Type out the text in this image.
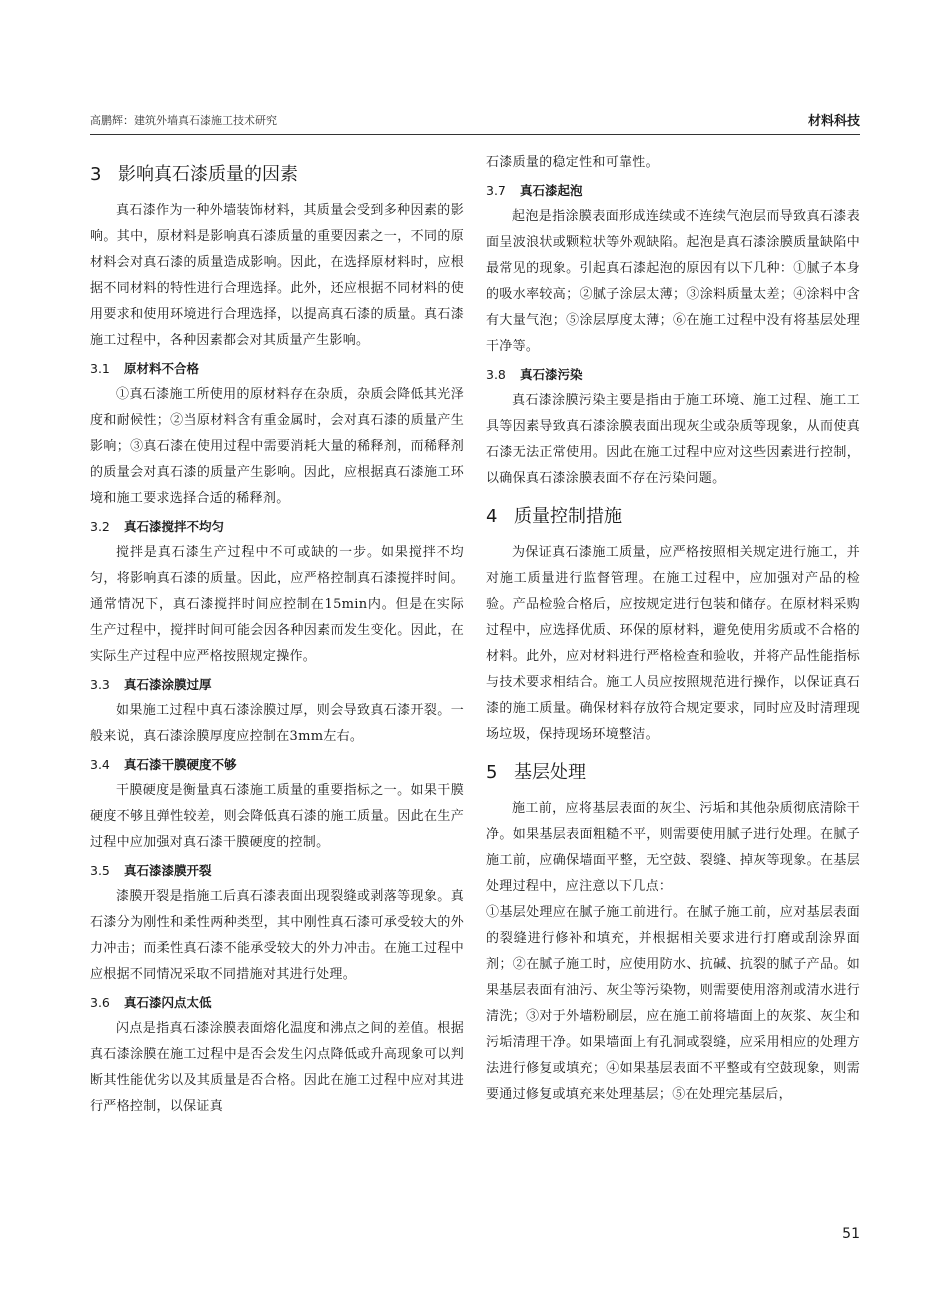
高鹏辉：建筑外墙真石漆施工技术研究	材料科技
3 影响真石漆质量的因素

真石漆作为一种外墙装饰材料，其质量会受到多种因素的影响。其中，原材料是影响真石漆质量的重要因素之一，不同的原材料会对真石漆的质量造成影响。因此，在选择原材料时，应根据不同材料的特性进行合理选择。此外，还应根据不同材料的使用要求和使用环境进行合理选择，以提高真石漆的质量。真石漆施工过程中，各种因素都会对其质量产生影响。

3.1 原材料不合格

①真石漆施工所使用的原材料存在杂质，杂质会降低其光泽度和耐候性；②当原材料含有重金属时，会对真石漆的质量产生影响；③真石漆在使用过程中需要消耗大量的稀释剂，而稀释剂的质量会对真石漆的质量产生影响。因此，应根据真石漆施工环境和施工要求选择合适的稀释剂。

3.2 真石漆搅拌不均匀

搅拌是真石漆生产过程中不可或缺的一步。如果搅拌不均匀，将影响真石漆的质量。因此，应严格控制真石漆搅拌时间。通常情况下，真石漆搅拌时间应控制在15min内。但是在实际生产过程中，搅拌时间可能会因各种因素而发生变化。因此，在实际生产过程中应严格按照规定操作。

3.3 真石漆涂膜过厚

如果施工过程中真石漆涂膜过厚，则会导致真石漆开裂。一般来说，真石漆涂膜厚度应控制在3mm左右。

3.4 真石漆干膜硬度不够

干膜硬度是衡量真石漆施工质量的重要指标之一。如果干膜硬度不够且弹性较差，则会降低真石漆的施工质量。因此在生产过程中应加强对真石漆干膜硬度的控制。

3.5 真石漆漆膜开裂

漆膜开裂是指施工后真石漆表面出现裂缝或剥落等现象。真石漆分为刚性和柔性两种类型，其中刚性真石漆可承受较大的外力冲击；而柔性真石漆不能承受较大的外力冲击。在施工过程中应根据不同情况采取不同措施对其进行处理。

3.6 真石漆闪点太低

闪点是指真石漆涂膜表面熔化温度和沸点之间的差值。根据真石漆涂膜在施工过程中是否会发生闪点降低或升高现象可以判断其性能优劣以及其质量是否合格。因此在施工过程中应对其进行严格控制，以保证真

石漆质量的稳定性和可靠性。

3.7 真石漆起泡

起泡是指涂膜表面形成连续或不连续气泡层而导致真石漆表面呈波浪状或颗粒状等外观缺陷。起泡是真石漆涂膜质量缺陷中最常见的现象。引起真石漆起泡的原因有以下几种：①腻子本身的吸水率较高；②腻子涂层太薄；③涂料质量太差；④涂料中含有大量气泡；⑤涂层厚度太薄；⑥在施工过程中没有将基层处理干净等。

3.8 真石漆污染

真石漆涂膜污染主要是指由于施工环境、施工过程、施工工具等因素导致真石漆涂膜表面出现灰尘或杂质等现象，从而使真石漆无法正常使用。因此在施工过程中应对这些因素进行控制，以确保真石漆涂膜表面不存在污染问题。

4 质量控制措施

为保证真石漆施工质量，应严格按照相关规定进行施工，并对施工质量进行监督管理。在施工过程中，应加强对产品的检验。产品检验合格后，应按规定进行包装和储存。在原材料采购过程中，应选择优质、环保的原材料，避免使用劣质或不合格的材料。此外，应对材料进行严格检查和验收，并将产品性能指标与技术要求相结合。施工人员应按照规范进行操作，以保证真石漆的施工质量。确保材料存放符合规定要求，同时应及时清理现场垃圾，保持现场环境整洁。

5 基层处理

施工前，应将基层表面的灰尘、污垢和其他杂质彻底清除干净。如果基层表面粗糙不平，则需要使用腻子进行处理。在腻子施工前，应确保墙面平整，无空鼓、裂缝、掉灰等现象。在基层处理过程中，应注意以下几点：

①基层处理应在腻子施工前进行。在腻子施工前，应对基层表面的裂缝进行修补和填充，并根据相关要求进行打磨或刮涂界面剂；②在腻子施工时，应使用防水、抗碱、抗裂的腻子产品。如果基层表面有油污、灰尘等污染物，则需要使用溶剂或清水进行清洗；③对于外墙粉刷层，应在施工前将墙面上的灰浆、灰尘和污垢清理干净。如果墙面上有孔洞或裂缝，应采用相应的处理方法进行修复或填充；④如果基层表面不平整或有空鼓现象，则需要通过修复或填充来处理基层；⑤在处理完基层后，

51
